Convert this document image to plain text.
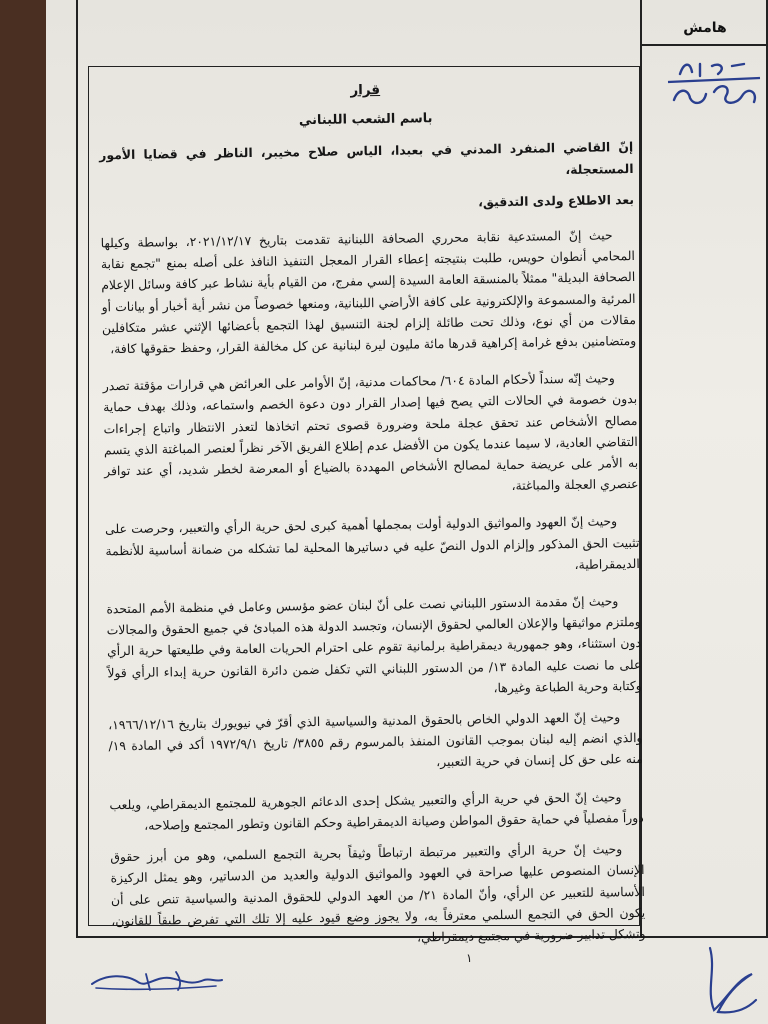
هامش
قرار
باسم الشعب اللبناني
إنّ القاضي المنفرد المدني في بعبدا، الياس صلاح مخيبر، الناظر في قضايا الأمور المستعجلة،
بعد الاطلاع ولدى التدقيق،

حيث إنّ المستدعية نقابة محرري الصحافة اللبنانية تقدمت بتاريخ ٢٠٢١/١٢/١٧، بواسطة وكيلها المحامي أنطوان حويس، طلبت بنتيجته إعطاء القرار المعجل التنفيذ النافذ على أصله بمنع "تجمع نقابة الصحافة البديلة" ممثلاً بالمنسقة العامة السيدة إلسي مفرج، من القيام بأية نشاط عبر كافة وسائل الإعلام المرئية والمسموعة والإلكترونية على كافة الأراضي اللبنانية، ومنعها خصوصاً من نشر أية أخبار أو بيانات أو مقالات من أي نوع، وذلك تحت طائلة إلزام لجنة التنسيق لهذا التجمع بأعضائها الإثني عشر متكافلين ومتضامنين بدفع غرامة إكراهية قدرها مائة مليون ليرة لبنانية عن كل مخالفة القرار، وحفظ حقوقها كافة،

وحيث إنّه سنداً لأحكام المادة ٦٠٤/ محاكمات مدنية، إنّ الأوامر على العرائض هي قرارات مؤقتة تصدر بدون خصومة في الحالات التي يصح فيها إصدار القرار دون دعوة الخصم واستماعه، وذلك بهدف حماية مصالح الأشخاص عند تحقق عجلة ملحة وضرورة قصوى تحتم اتخاذها لتعذر الانتظار واتباع إجراءات التقاضي العادية، لا سيما عندما يكون من الأفضل عدم إطلاع الفريق الآخر نظراً لعنصر المباغتة الذي يتسم به الأمر على عريضة حماية لمصالح الأشخاص المهددة بالضياع أو المعرضة لخطر شديد، أي عند توافر عنصري العجلة والمباغتة،

وحيث إنّ العهود والمواثيق الدولية أولت بمجملها أهمية كبرى لحق حرية الرأي والتعبير، وحرصت على تثبيت الحق المذكور وإلزام الدول النصّ عليه في دساتيرها المحلية لما تشكله من ضمانة أساسية للأنظمة الديمقراطية،

وحيث إنّ مقدمة الدستور اللبناني نصت على أنّ لبنان عضو مؤسس وعامل في منظمة الأمم المتحدة وملتزم مواثيقها والإعلان العالمي لحقوق الإنسان، وتجسد الدولة هذه المبادئ في جميع الحقوق والمجالات دون استثناء، وهو جمهورية ديمقراطية برلمانية تقوم على احترام الحريات العامة وفي طليعتها حرية الرأي على ما نصت عليه المادة ١٣/ من الدستور اللبناني التي تكفل ضمن دائرة القانون حرية إبداء الرأي قولاً وكتابة وحرية الطباعة وغيرها،

وحيث إنّ العهد الدولي الخاص بالحقوق المدنية والسياسية الذي أقرّ في نيويورك بتاريخ ١٩٦٦/١٢/١٦، والذي انضم إليه لبنان بموجب القانون المنفذ بالمرسوم رقم ٣٨٥٥/ تاريخ ١٩٧٢/٩/١ أكد في المادة ١٩/ منه على حق كل إنسان في حرية التعبير،

وحيث إنّ الحق في حرية الرأي والتعبير يشكل إحدى الدعائم الجوهرية للمجتمع الديمقراطي، ويلعب دوراً مفصلياً في حماية حقوق المواطن وصيانة الديمقراطية وحكم القانون وتطور المجتمع وإصلاحه،

وحيث إنّ حرية الرأي والتعبير مرتبطة ارتباطاً وثيقاً بحرية التجمع السلمي، وهو من أبرز حقوق الإنسان المنصوص عليها صراحة في العهود والمواثيق الدولية والعديد من الدساتير، وهو يمثل الركيزة الأساسية للتعبير عن الرأي، وأنّ المادة ٢١/ من العهد الدولي للحقوق المدنية والسياسية تنص على أن يكون الحق في التجمع السلمي معترفاً به، ولا يجوز وضع قيود عليه إلا تلك التي تفرض طبقاً للقانون، وتشكل تدابير ضرورية في مجتمع ديمقراطي،

١
